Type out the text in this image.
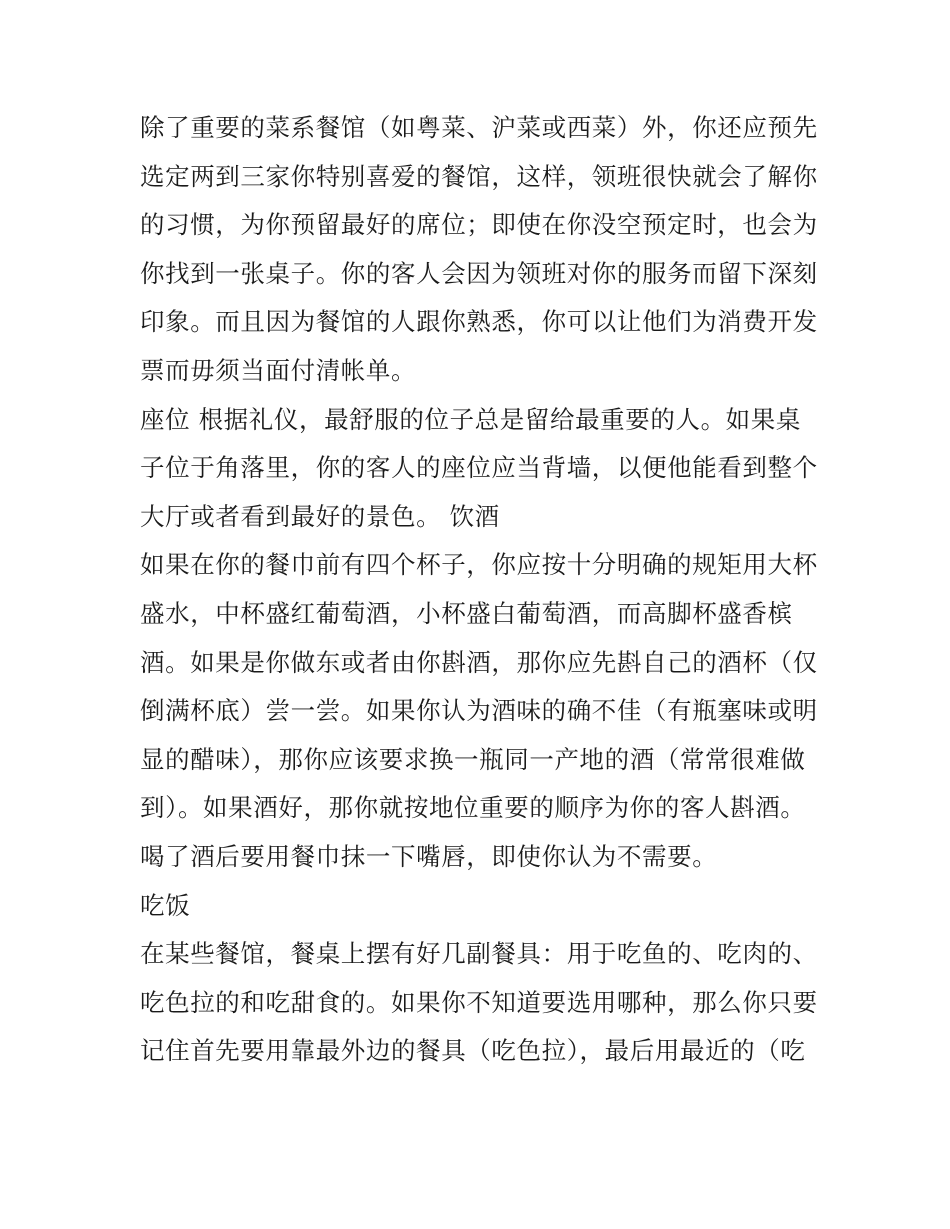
除了重要的菜系餐馆（如粤菜、沪菜或西菜）外，你还应预先
选定两到三家你特别喜爱的餐馆，这样，领班很快就会了解你
的习惯，为你预留最好的席位；即使在你没空预定时，也会为
你找到一张桌子。你的客人会因为领班对你的服务而留下深刻
印象。而且因为餐馆的人跟你熟悉，你可以让他们为消费开发
票而毋须当面付清帐单。
座位 根据礼仪，最舒服的位子总是留给最重要的人。如果桌
子位于角落里，你的客人的座位应当背墙，以便他能看到整个
大厅或者看到最好的景色。 饮酒
如果在你的餐巾前有四个杯子，你应按十分明确的规矩用大杯
盛水，中杯盛红葡萄酒，小杯盛白葡萄酒，而高脚杯盛香槟
酒。如果是你做东或者由你斟酒，那你应先斟自己的酒杯（仅
倒满杯底）尝一尝。如果你认为酒味的确不佳（有瓶塞味或明
显的醋味），那你应该要求换一瓶同一产地的酒（常常很难做
到）。如果酒好，那你就按地位重要的顺序为你的客人斟酒。
喝了酒后要用餐巾抹一下嘴唇，即使你认为不需要。
吃饭
在某些餐馆，餐桌上摆有好几副餐具：用于吃鱼的、吃肉的、
吃色拉的和吃甜食的。如果你不知道要选用哪种，那么你只要
记住首先要用靠最外边的餐具（吃色拉），最后用最近的（吃
